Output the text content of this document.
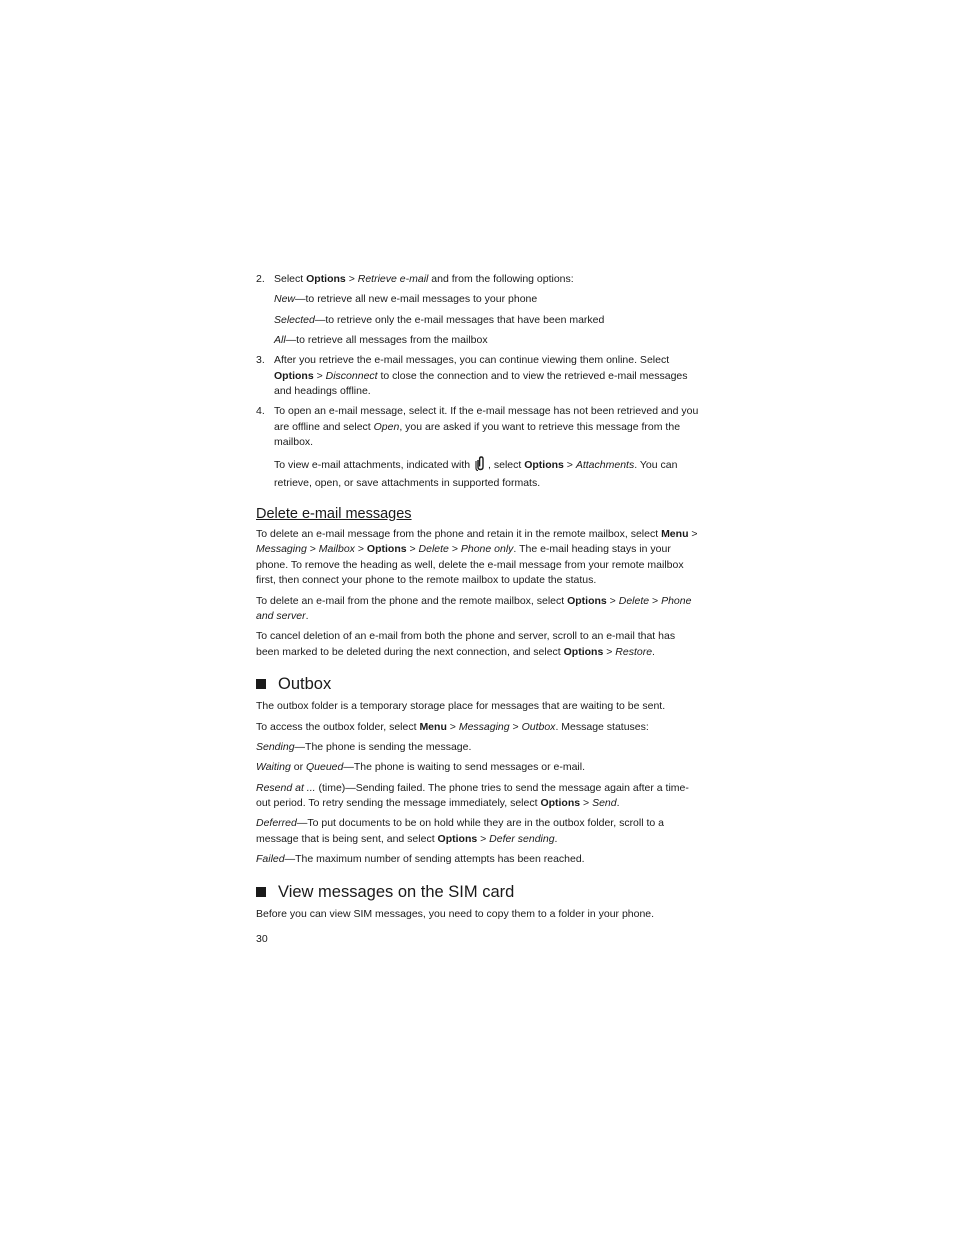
2. Select Options > Retrieve e-mail and from the following options:

New—to retrieve all new e-mail messages to your phone

Selected—to retrieve only the e-mail messages that have been marked

All—to retrieve all messages from the mailbox

3. After you retrieve the e-mail messages, you can continue viewing them online. Select Options > Disconnect to close the connection and to view the retrieved e-mail messages and headings offline.

4. To open an e-mail message, select it. If the e-mail message has not been retrieved and you are offline and select Open, you are asked if you want to retrieve this message from the mailbox.

To view e-mail attachments, indicated with , select Options > Attachments. You can retrieve, open, or save attachments in supported formats.

Delete e-mail messages

To delete an e-mail message from the phone and retain it in the remote mailbox, select Menu > Messaging > Mailbox > Options > Delete > Phone only. The e-mail heading stays in your phone. To remove the heading as well, delete the e-mail message from your remote mailbox first, then connect your phone to the remote mailbox to update the status.

To delete an e-mail from the phone and the remote mailbox, select Options > Delete > Phone and server.

To cancel deletion of an e-mail from both the phone and server, scroll to an e-mail that has been marked to be deleted during the next connection, and select Options > Restore.

Outbox

The outbox folder is a temporary storage place for messages that are waiting to be sent.

To access the outbox folder, select Menu > Messaging > Outbox. Message statuses:

Sending—The phone is sending the message.

Waiting or Queued—The phone is waiting to send messages or e-mail.

Resend at ... (time)—Sending failed. The phone tries to send the message again after a time-out period. To retry sending the message immediately, select Options > Send.

Deferred—To put documents to be on hold while they are in the outbox folder, scroll to a message that is being sent, and select Options > Defer sending.

Failed—The maximum number of sending attempts has been reached.

View messages on the SIM card

Before you can view SIM messages, you need to copy them to a folder in your phone.

30
